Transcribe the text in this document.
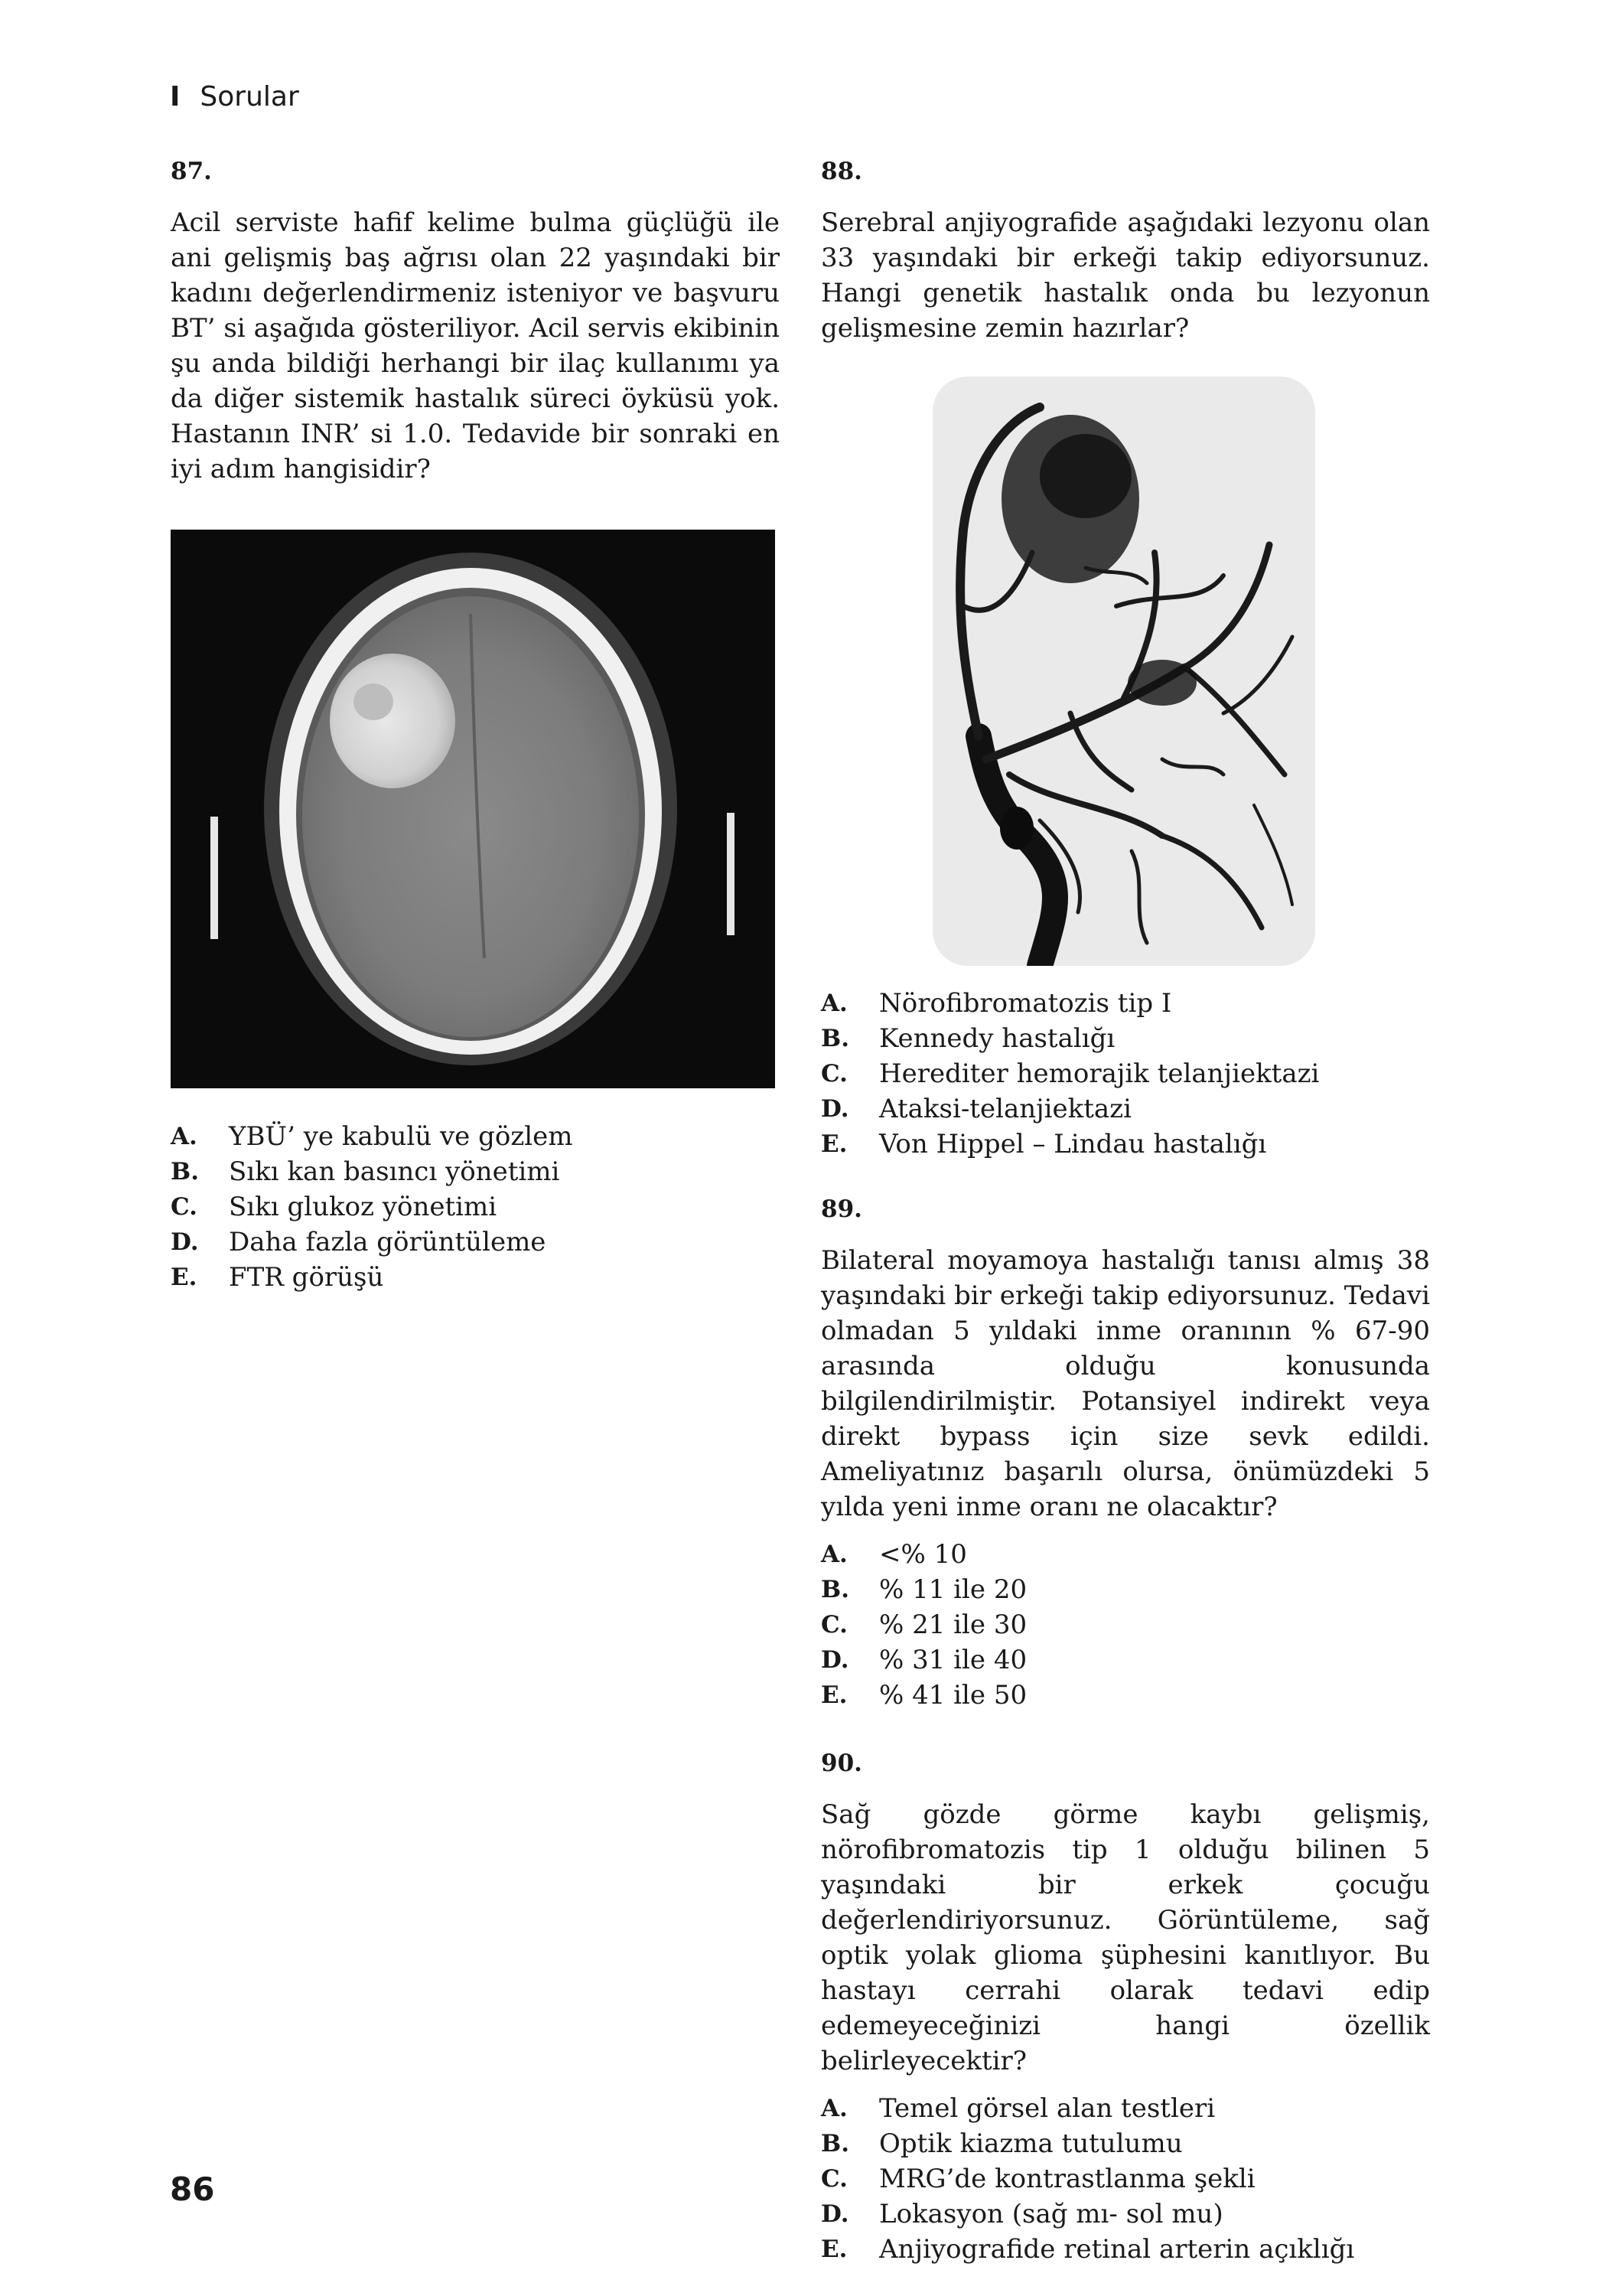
I Sorular

87.

Acil serviste hafif kelime bulma güçlüğü ile ani gelişmiş baş ağrısı olan 22 yaşındaki bir kadını değerlendirmeniz isteniyor ve başvuru BT’ si aşağıda gösteriliyor. Acil servis ekibinin şu anda bildiği herhangi bir ilaç kullanımı ya da diğer sistemik hastalık süreci öyküsü yok. Hastanın INR’ si 1.0. Tedavide bir sonraki en iyi adım hangisidir?

A.	YBÜ’ ye kabulü ve gözlem
B.	Sıkı kan basıncı yönetimi
C.	Sıkı glukoz yönetimi
D.	Daha fazla görüntüleme
E.	FTR görüşü

88.

Serebral anjiyografide aşağıdaki lezyonu olan 33 yaşındaki bir erkeği takip ediyorsunuz. Hangi genetik hastalık onda bu lezyonun gelişmesine zemin hazırlar?

A.	Nörofibromatozis tip I
B.	Kennedy hastalığı
C.	Herediter hemorajik telanjiektazi
D.	Ataksi-telanjiektazi
E.	Von Hippel – Lindau hastalığı

89.

Bilateral moyamoya hastalığı tanısı almış 38 yaşındaki bir erkeği takip ediyorsunuz. Tedavi olmadan 5 yıldaki inme oranının % 67-90 arasında olduğu konusunda bilgilendirilmiştir. Potansiyel indirekt veya direkt bypass için size sevk edildi. Ameliyatınız başarılı olursa, önümüzdeki 5 yılda yeni inme oranı ne olacaktır?

A.	<% 10
B.	% 11 ile 20
C.	% 21 ile 30
D.	% 31 ile 40
E.	% 41 ile 50

90.

Sağ gözde görme kaybı gelişmiş, nörofibromatozis tip 1 olduğu bilinen 5 yaşındaki bir erkek çocuğu değerlendiriyorsunuz. Görüntüleme, sağ optik yolak glioma şüphesini kanıtlıyor. Bu hastayı cerrahi olarak tedavi edip edemeyeceğinizi hangi özellik belirleyecektir?

A.	Temel görsel alan testleri
B.	Optik kiazma tutulumu
C.	MRG’de kontrastlanma şekli
D.	Lokasyon (sağ mı- sol mu)
E.	Anjiyografide retinal arterin açıklığı
86
